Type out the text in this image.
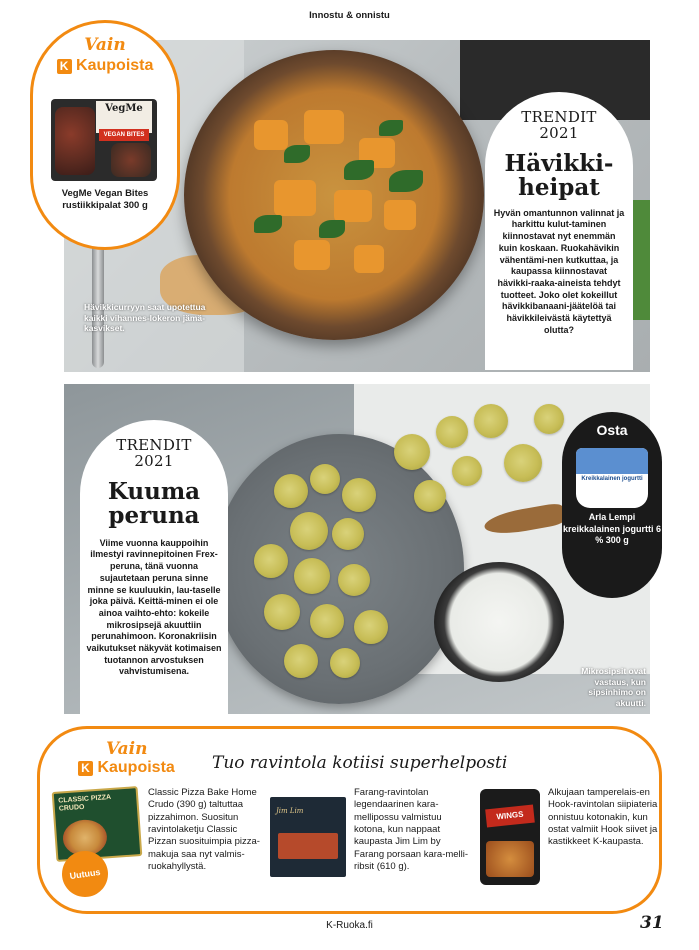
Innostu & onnistu
Hävikkicurryyn saat upotettua kaikki vihannes-lokeron jämä-kasvikset.
Vain
K Kaupoista
VegMe
VEGAN BITES
VegMe Vegan Bites rustiikkipalat 300 g
TRENDIT
2021
Hävikki-
heipat
Hyvän omantunnon valinnat ja harkittu kulut-taminen kiinnostavat nyt enemmän kuin koskaan. Ruokahävikin vähentämi-nen kutkuttaa, ja kaupassa kiinnostavat hävikki-raaka-aineista tehdyt tuotteet. Joko olet kokeillut hävikkibanaani-jäätelöä tai hävikkileivästä käytettyä olutta?
Mikrosipsit ovat vastaus, kun sipsinhimo on akuutti.
TRENDIT
2021
Kuuma
peruna
Viime vuonna kauppoihin ilmestyi ravinnepitoinen Frex-peruna, tänä vuonna sujautetaan peruna sinne minne se kuuluukin, lau-taselle joka päivä. Keittä-minen ei ole ainoa vaihto-ehto: kokeile mikrosipsejä akuuttiin perunahimoon. Koronakriisin vaikutukset näkyvät kotimaisen tuotannon arvostuksen vahvistumisena.
Osta
Kreikkalainen jogurtti
Arla Lempi kreikkalainen jogurtti 6 % 300 g
Vain
K Kaupoista Tuo ravintola kotiisi superhelposti
CLASSIC PIZZA CRUDO
Uutuus
Classic Pizza Bake Home Crudo (390 g) taltuttaa pizzahimon. Suositun ravintolaketju Classic Pizzan suosituimpia pizza-makuja saa nyt valmis-ruokahyllystä.
Jim Lim
Farang-ravintolan legendaarinen kara-mellipossu valmistuu kotona, kun nappaat kaupasta Jim Lim by Farang porsaan kara-melli-ribsit (610 g).
WINGS
Alkujaan tamperelais-en Hook-ravintolan siipiateria onnistuu kotonakin, kun ostat valmiit Hook siivet ja kastikkeet K-kaupasta.
K-Ruoka.fi	31
